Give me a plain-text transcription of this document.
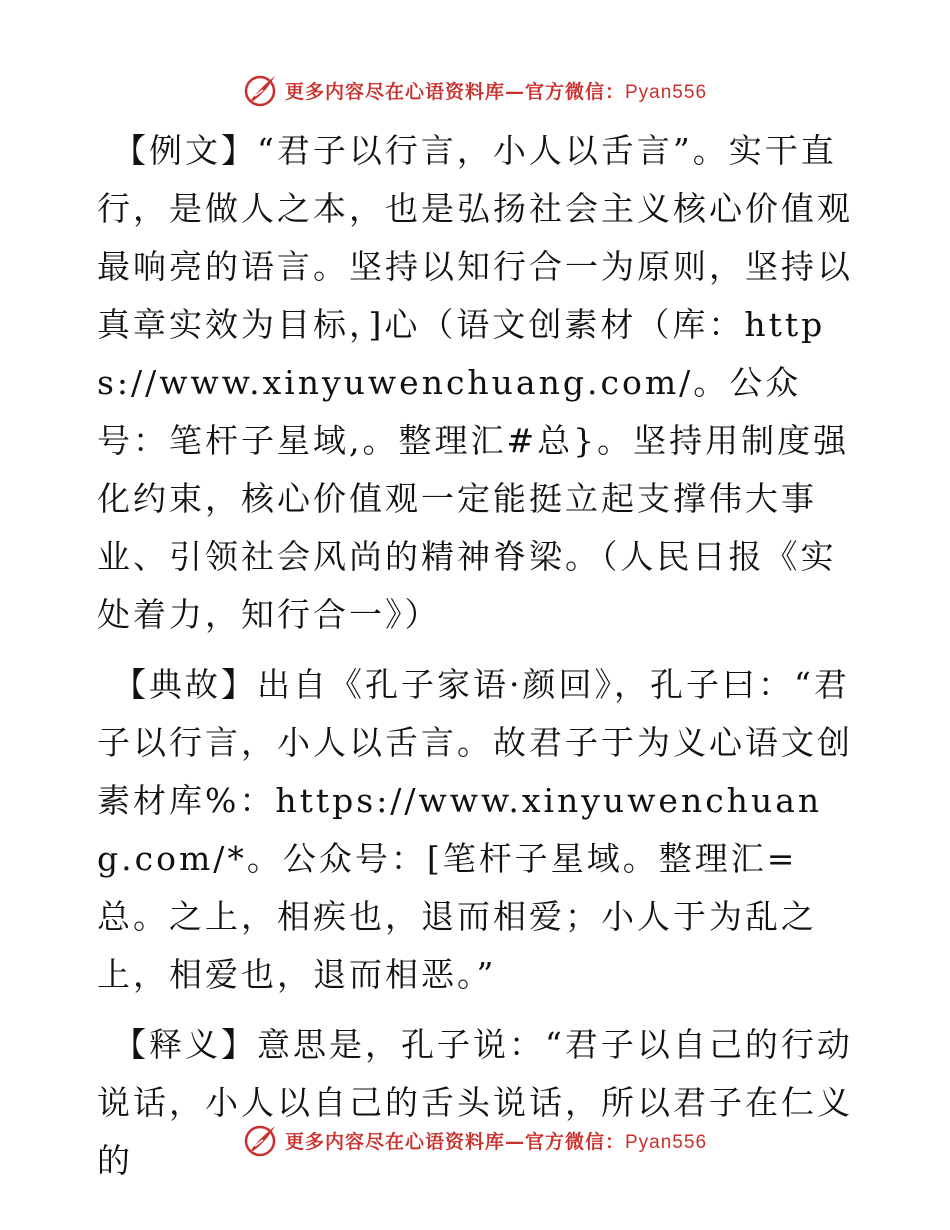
更多内容尽在心语资料库—官方微信：Pyan556

【例文】“君子以行言，小人以舌言”。实干直行，是做人之本，也是弘扬社会主义核心价值观最响亮的语言。坚持以知行合一为原则，坚持以真章实效为目标，]心（语文创素材（库：https://www.xinyuwenchuang.com/。公众号：笔杆子星域,。整理汇#总}。坚持用制度强化约束，核心价值观一定能挺立起支撑伟大事业、引领社会风尚的精神脊梁。（人民日报《实处着力，知行合一》）

【典故】出自《孔子家语·颜回》，孔子曰：“君子以行言，小人以舌言。故君子于为义心语文创素材库%：https://www.xinyuwenchuang.com/*。公众号：[笔杆子星域。整理汇=总。之上，相疾也，退而相爱；小人于为乱之上，相爱也，退而相恶。”

【释义】意思是，孔子说：“君子以自己的行动说话，小人以自己的舌头说话，所以君子在仁义的	更多内容尽在心语资料库—官方微信：Pyan556
